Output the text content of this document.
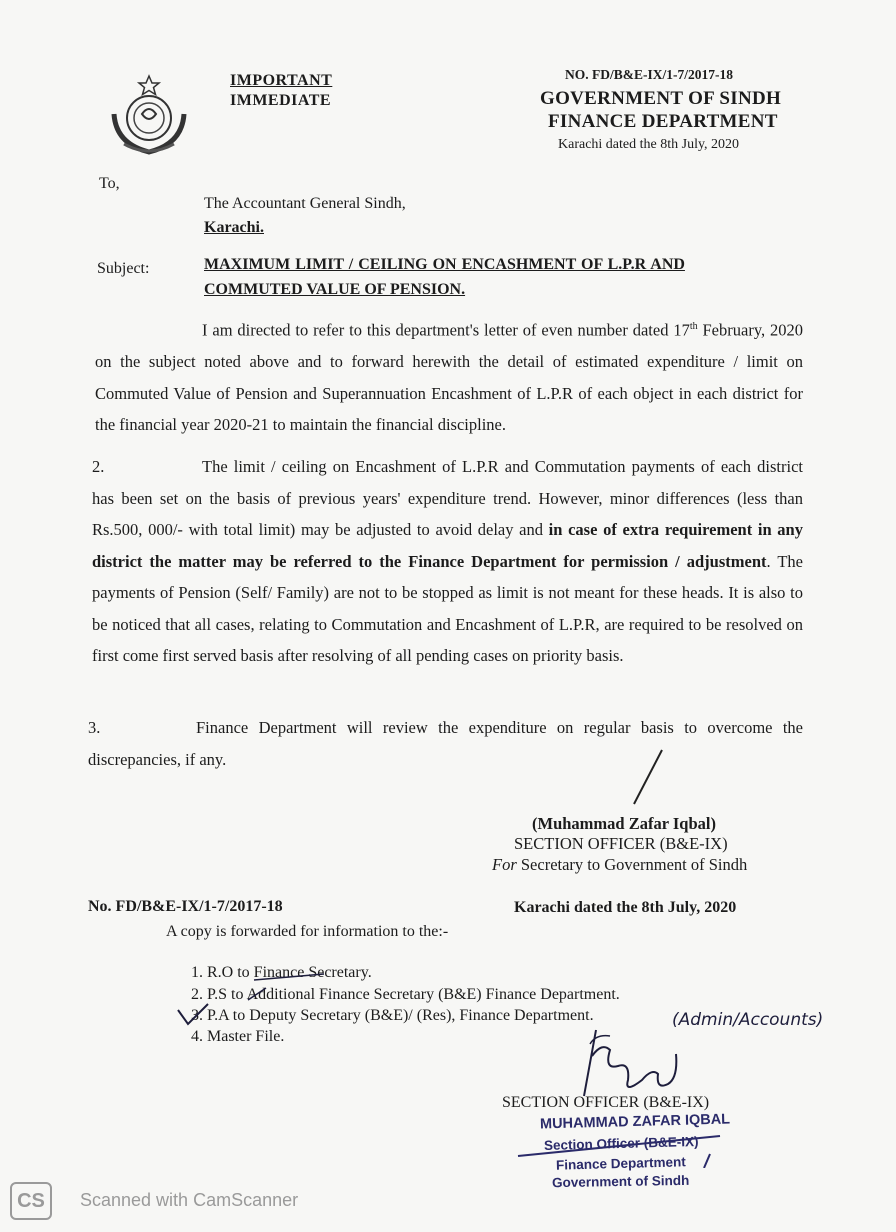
IMPORTANT
IMMEDIATE
NO. FD/B&E-IX/1-7/2017-18
GOVERNMENT OF SINDH
FINANCE DEPARTMENT
Karachi dated the 8th July, 2020
To,
The Accountant General Sindh,
Karachi.
Subject:	MAXIMUM LIMIT / CEILING ON ENCASHMENT OF L.P.R AND
COMMUTED VALUE OF PENSION.

I am directed to refer to this department's letter of even number dated 17th February, 2020 on the subject noted above and to forward herewith the detail of estimated expenditure / limit on Commuted Value of Pension and Superannuation Encashment of L.P.R of each object in each district for the financial year 2020-21 to maintain the financial discipline.

2.	The limit / ceiling on Encashment of L.P.R and Commutation payments of each district has been set on the basis of previous years' expenditure trend. However, minor differences (less than Rs.500, 000/- with total limit) may be adjusted to avoid delay and in case of extra requirement in any district the matter may be referred to the Finance Department for permission / adjustment. The payments of Pension (Self/ Family) are not to be stopped as limit is not meant for these heads. It is also to be noticed that all cases, relating to Commutation and Encashment of L.P.R, are required to be resolved on first come first served basis after resolving of all pending cases on priority basis.

3.	Finance Department will review the expenditure on regular basis to overcome the discrepancies, if any.

(Muhammad Zafar Iqbal)
SECTION OFFICER (B&E-IX)
For Secretary to Government of Sindh
No. FD/B&E-IX/1-7/2017-18	Karachi dated the 8th July, 2020
A copy is forwarded for information to the:-
1. R.O to Finance Secretary.
2. P.S to Additional Finance Secretary (B&E) Finance Department.
3. P.A to Deputy Secretary (B&E)/ (Res), Finance Department.
4. Master File.
(Admin/Accounts)
SECTION OFFICER (B&E-IX)
MUHAMMAD ZAFAR IQBAL
Section Officer (B&E-IX)
Finance Department
Government of Sindh
CS	Scanned with CamScanner
